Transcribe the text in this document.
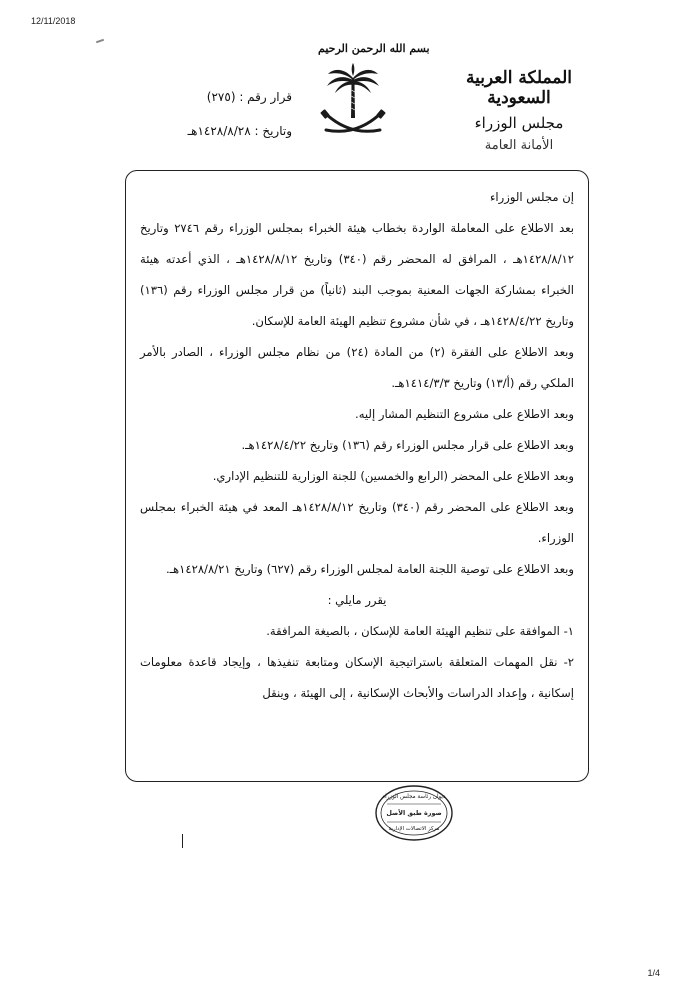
12/11/2018
بسم الله الرحمن الرحيم
المملكة العربية السعودية
مجلس الوزراء
الأمانة العامة
قرار رقم : (٢٧٥)
وتاريخ : ١٤٢٨/٨/٢٨هـ

إن مجلس الوزراء

بعد الاطلاع على المعاملة الواردة بخطاب هيئة الخبراء بمجلس الوزراء رقم ٢٧٤٦ وتاريخ ١٤٢٨/٨/١٢هـ ، المرافق له المحضر رقم (٣٤٠) وتاريخ ١٤٢٨/٨/١٢هـ ، الذي أعدته هيئة الخبراء بمشاركة الجهات المعنية بموجب البند (ثانياً) من قرار مجلس الوزراء رقم (١٣٦) وتاريخ ١٤٢٨/٤/٢٢هـ ، في شأن مشروع تنظيم الهيئة العامة للإسكان.

وبعد الاطلاع على الفقرة (٢) من المادة (٢٤) من نظام مجلس الوزراء ، الصادر بالأمر الملكي رقم (أ/١٣) وتاريخ ١٤١٤/٣/٣هـ.

وبعد الاطلاع على مشروع التنظيم المشار إليه.

وبعد الاطلاع على قرار مجلس الوزراء رقم (١٣٦) وتاريخ ١٤٢٨/٤/٢٢هـ.

وبعد الاطلاع على المحضر (الرابع والخمسين) للجنة الوزارية للتنظيم الإداري.

وبعد الاطلاع على المحضر رقم (٣٤٠) وتاريخ ١٤٢٨/٨/١٢هـ المعد في هيئة الخبراء بمجلس الوزراء.

وبعد الاطلاع على توصية اللجنة العامة لمجلس الوزراء رقم (٦٢٧) وتاريخ ١٤٢٨/٨/٢١هـ.

يقرر مايلي :

١- الموافقة على تنظيم الهيئة العامة للإسكان ، بالصيغة المرافقة.

٢- نقل المهمات المتعلقة باستراتيجية الإسكان ومتابعة تنفيذها ، وإيجاد قاعدة معلومات إسكانية ، وإعداد الدراسات والأبحاث الإسكانية ، إلى الهيئة ، وينقل

ديوان رئاسة مجلس الوزراء
صورة طبق الأصل
مركز الاتصالات الإدارية
1/4
